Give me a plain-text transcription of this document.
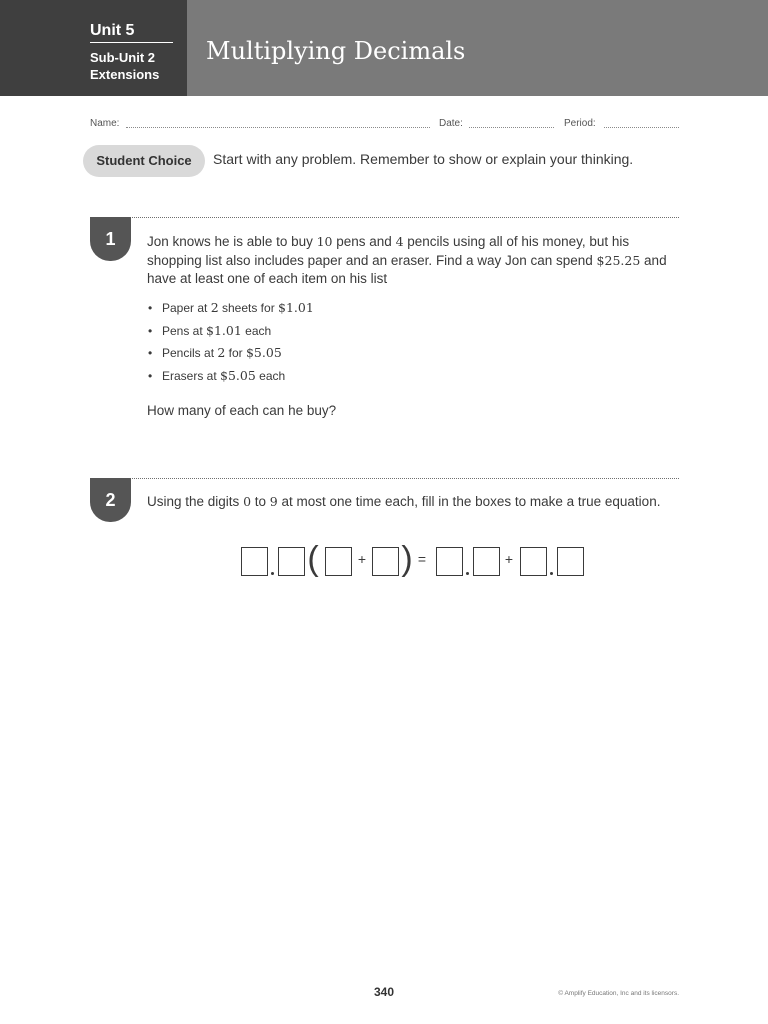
Unit 5
Sub-Unit 2
Extensions
Multiplying Decimals
Name:	Date:	Period:
Student Choice	Start with any problem. Remember to show or explain your thinking.
1	Jon knows he is able to buy 10 pens and 4 pencils using all of his money, but his shopping list also includes paper and an eraser. Find a way Jon can spend $25.25 and have at least one of each item on his list
• Paper at 2 sheets for $1.01
• Pens at $1.01 each
• Pencils at 2 for $5.05
• Erasers at $5.05 each
How many of each can he buy?
2	Using the digits 0 to 9 at most one time each, fill in the boxes to make a true equation.
(	+ ) =	+
340	© Amplify Education, Inc and its licensors.
